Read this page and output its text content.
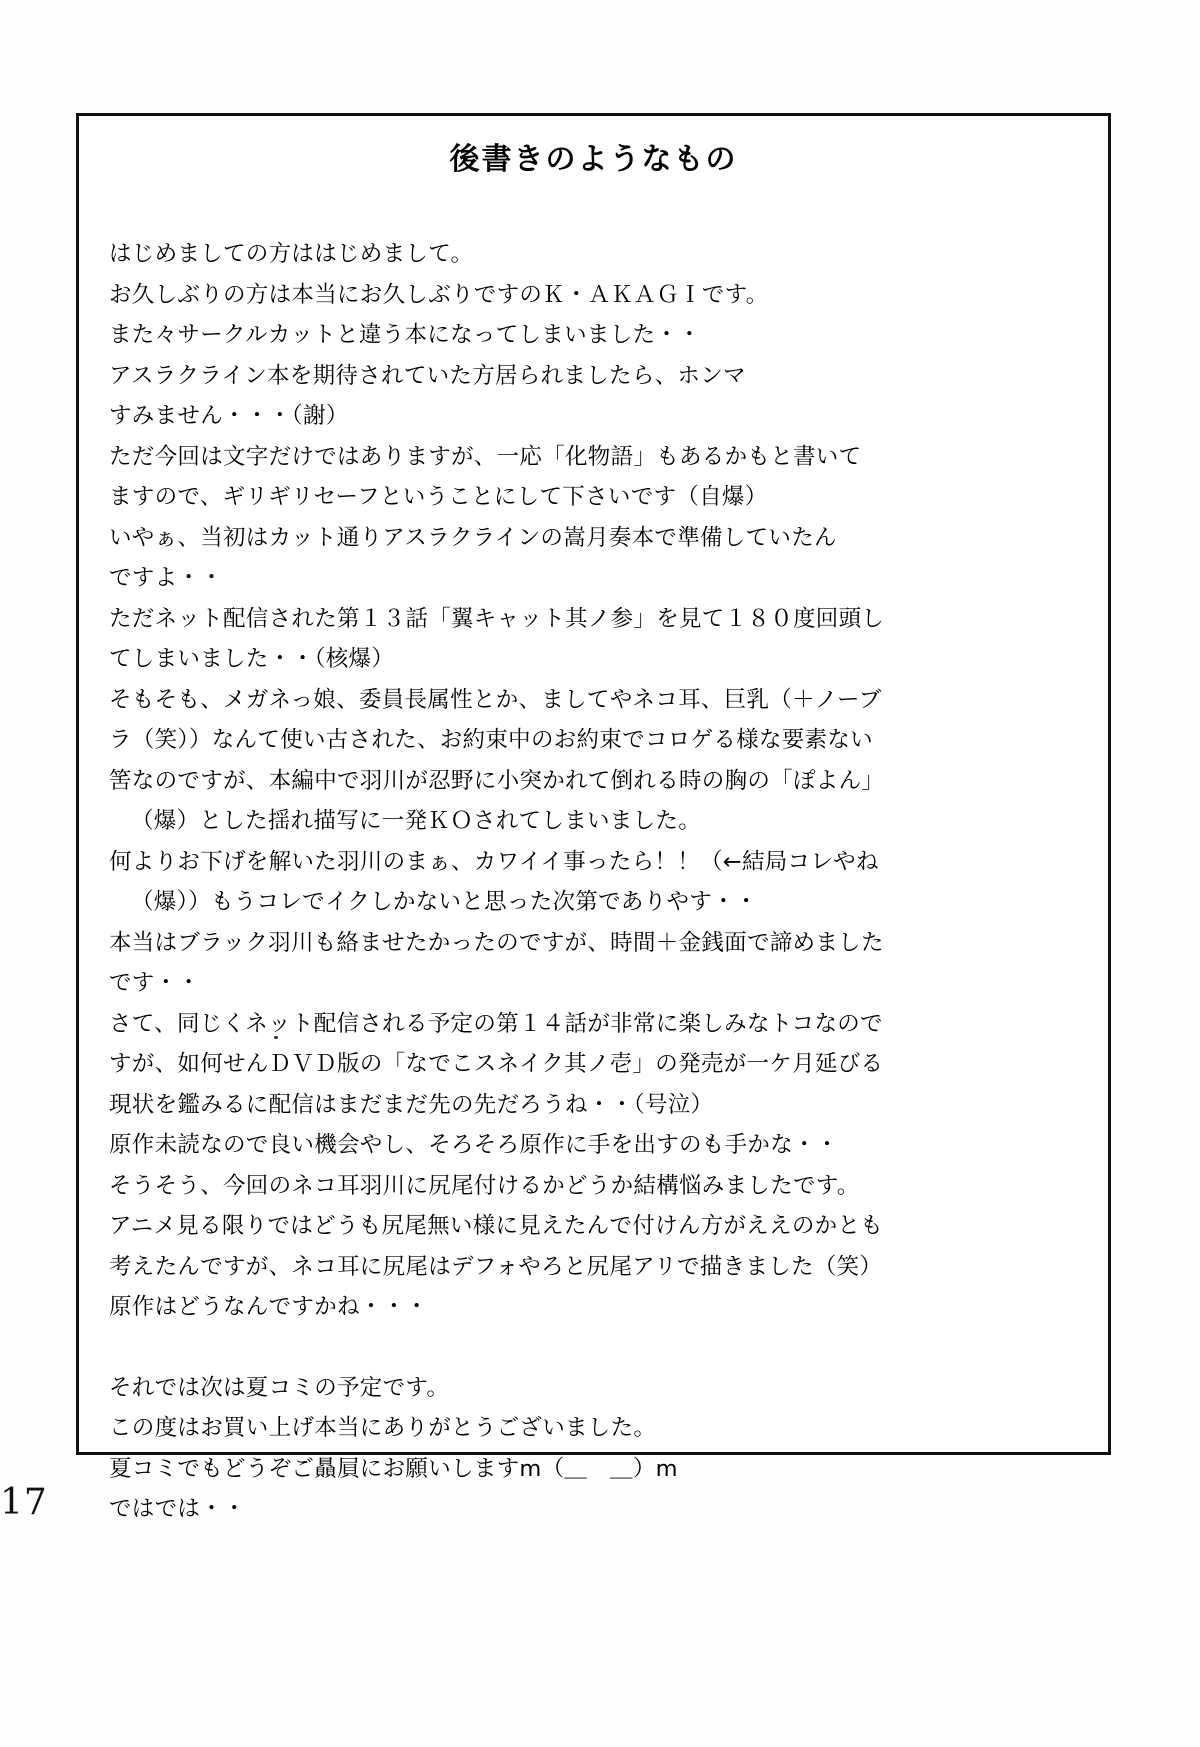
後書きのようなもの

はじめましての方ははじめまして。

お久しぶりの方は本当にお久しぶりですのＫ・ＡＫＡＧＩです。

また々サークルカットと違う本になってしまいました・・

アスラクライン本を期待されていた方居られましたら、ホンマ

すみません・・・（謝）

ただ今回は文字だけではありますが、一応「化物語」もあるかもと書いて

ますので、ギリギリセーフということにして下さいです（自爆）

いやぁ、当初はカット通りアスラクラインの嵩月奏本で準備していたん

ですよ・・

ただネット配信された第１３話「翼キャット其ノ参」を見て１８０度回頭し

てしまいました・・（核爆）

そもそも、メガネっ娘、委員長属性とか、ましてやネコ耳、巨乳（＋ノーブ

ラ（笑））なんて使い古された、お約束中のお約束でコロゲる様な要素ない

筈なのですが、本編中で羽川が忍野に小突かれて倒れる時の胸の「ぽよん」

（爆）とした揺れ描写に一発ＫＯされてしまいました。

何よりお下げを解いた羽川のまぁ、カワイイ事ったら！！（←結局コレやね

（爆））もうコレでイクしかないと思った次第でありやす・・

本当はブラック羽川も絡ませたかったのですが、時間＋金銭面で諦めました

です・・

さて、同じくネット配信される予定の第１４話が非常に楽しみなトコなので

すが、如何せんＤＶＤ版の「なでこスネイク其ノ壱」の発売が一ケ月延びる

現状を鑑みるに配信はまだまだ先の先だろうね・・（号泣）

原作未読なので良い機会やし、そろそろ原作に手を出すのも手かな・・

そうそう、今回のネコ耳羽川に尻尾付けるかどうか結構悩みましたです。

アニメ見る限りではどうも尻尾無い様に見えたんで付けん方がええのかとも

考えたんですが、ネコ耳に尻尾はデフォやろと尻尾アリで描きました（笑）

原作はどうなんですかね・・・

それでは次は夏コミの予定です。

この度はお買い上げ本当にありがとうございました。

夏コミでもどうぞご贔屓にお願いしますm（＿　＿）m

ではでは・・

17
